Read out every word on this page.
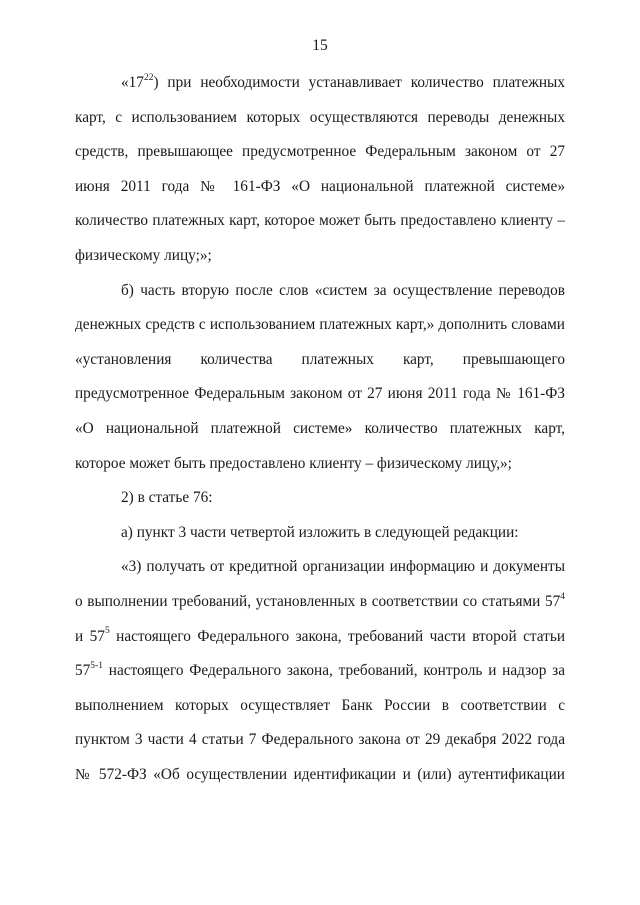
15

«$17^{22}$) при необходимости устанавливает количество платежных карт, с использованием которых осуществляются переводы денежных средств, превышающее предусмотренное Федеральным законом от 27 июня 2011 года № 161-ФЗ «О национальной платежной системе» количество платежных карт, которое может быть предоставлено клиенту – физическому лицу;»;

б) часть вторую после слов «систем за осуществление переводов денежных средств с использованием платежных карт,» дополнить словами «установления количества платежных карт, превышающего предусмотренное Федеральным законом от 27 июня 2011 года № 161-ФЗ «О национальной платежной системе» количество платежных карт, которое может быть предоставлено клиенту – физическому лицу,»;

2) в статье 76:

а) пункт 3 части четвертой изложить в следующей редакции:

«3) получать от кредитной организации информацию и документы о выполнении требований, установленных в соответствии со статьями $57^4$ и $57^5$ настоящего Федерального закона, требований части второй статьи 57$^{5-1}$ настоящего Федерального закона, требований, контроль и надзор за выполнением которых осуществляет Банк России в соответствии с пунктом 3 части 4 статьи 7 Федерального закона от 29 декабря 2022 года № 572-ФЗ «Об осуществлении идентификации и (или) аутентификации
